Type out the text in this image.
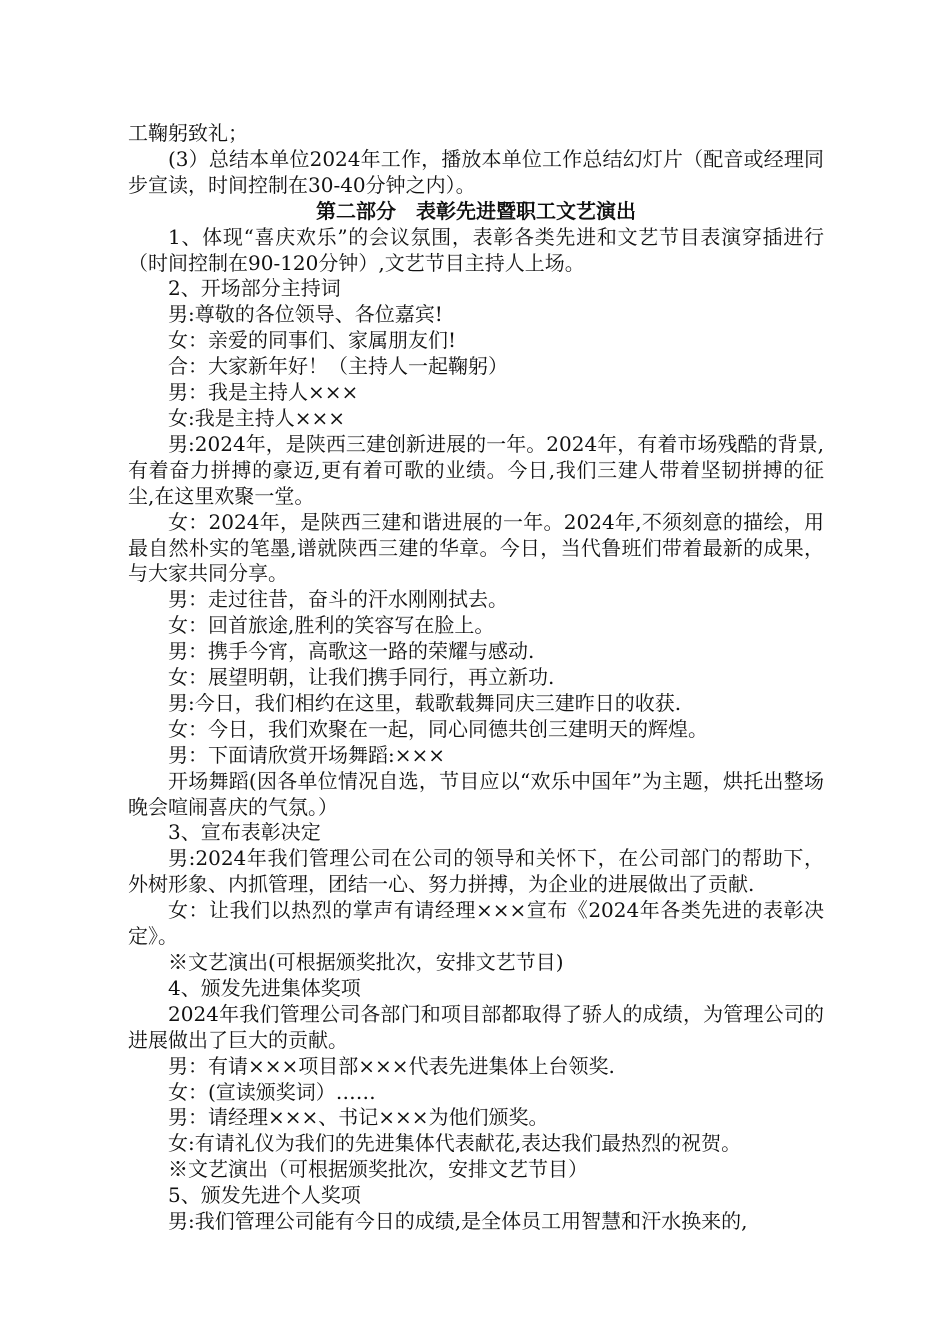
工鞠躬致礼；

(3）总结本单位2024年工作，播放本单位工作总结幻灯片（配音或经理同步宣读，时间控制在30-40分钟之内）。

第二部分　表彰先进暨职工文艺演出

1、体现“喜庆欢乐”的会议氛围，表彰各类先进和文艺节目表演穿插进行（时间控制在90-120分钟）,文艺节目主持人上场。

2、开场部分主持词

男:尊敬的各位领导、各位嘉宾!

女：亲爱的同事们、家属朋友们!

合：大家新年好！（主持人一起鞠躬）

男：我是主持人×××

女:我是主持人×××

男:2024年，是陕西三建创新进展的一年。2024年，有着市场残酷的背景,有着奋力拼搏的豪迈,更有着可歌的业绩。今日,我们三建人带着坚韧拼搏的征尘,在这里欢聚一堂。

女：2024年，是陕西三建和谐进展的一年。2024年,不须刻意的描绘，用最自然朴实的笔墨,谱就陕西三建的华章。今日，当代鲁班们带着最新的成果，与大家共同分享。

男：走过往昔，奋斗的汗水刚刚拭去。

女：回首旅途,胜利的笑容写在脸上。

男：携手今宵，高歌这一路的荣耀与感动.

女：展望明朝，让我们携手同行，再立新功.

男:今日，我们相约在这里，载歌载舞同庆三建昨日的收获.

女：今日，我们欢聚在一起，同心同德共创三建明天的辉煌。

男：下面请欣赏开场舞蹈:×××

开场舞蹈(因各单位情况自选，节目应以“欢乐中国年”为主题，烘托出整场晚会喧闹喜庆的气氛。）

3、宣布表彰决定

男:2024年我们管理公司在公司的领导和关怀下，在公司部门的帮助下，外树形象、内抓管理，团结一心、努力拼搏，为企业的进展做出了贡献.

女：让我们以热烈的掌声有请经理×××宣布《2024年各类先进的表彰决定》。

※文艺演出(可根据颁奖批次，安排文艺节目)

4、颁发先进集体奖项

2024年我们管理公司各部门和项目部都取得了骄人的成绩，为管理公司的进展做出了巨大的贡献。

男：有请×××项目部×××代表先进集体上台领奖.

女：(宣读颁奖词）……

男：请经理×××、书记×××为他们颁奖。

女:有请礼仪为我们的先进集体代表献花,表达我们最热烈的祝贺。

※文艺演出（可根据颁奖批次，安排文艺节目）

5、颁发先进个人奖项

男:我们管理公司能有今日的成绩,是全体员工用智慧和汗水换来的,
